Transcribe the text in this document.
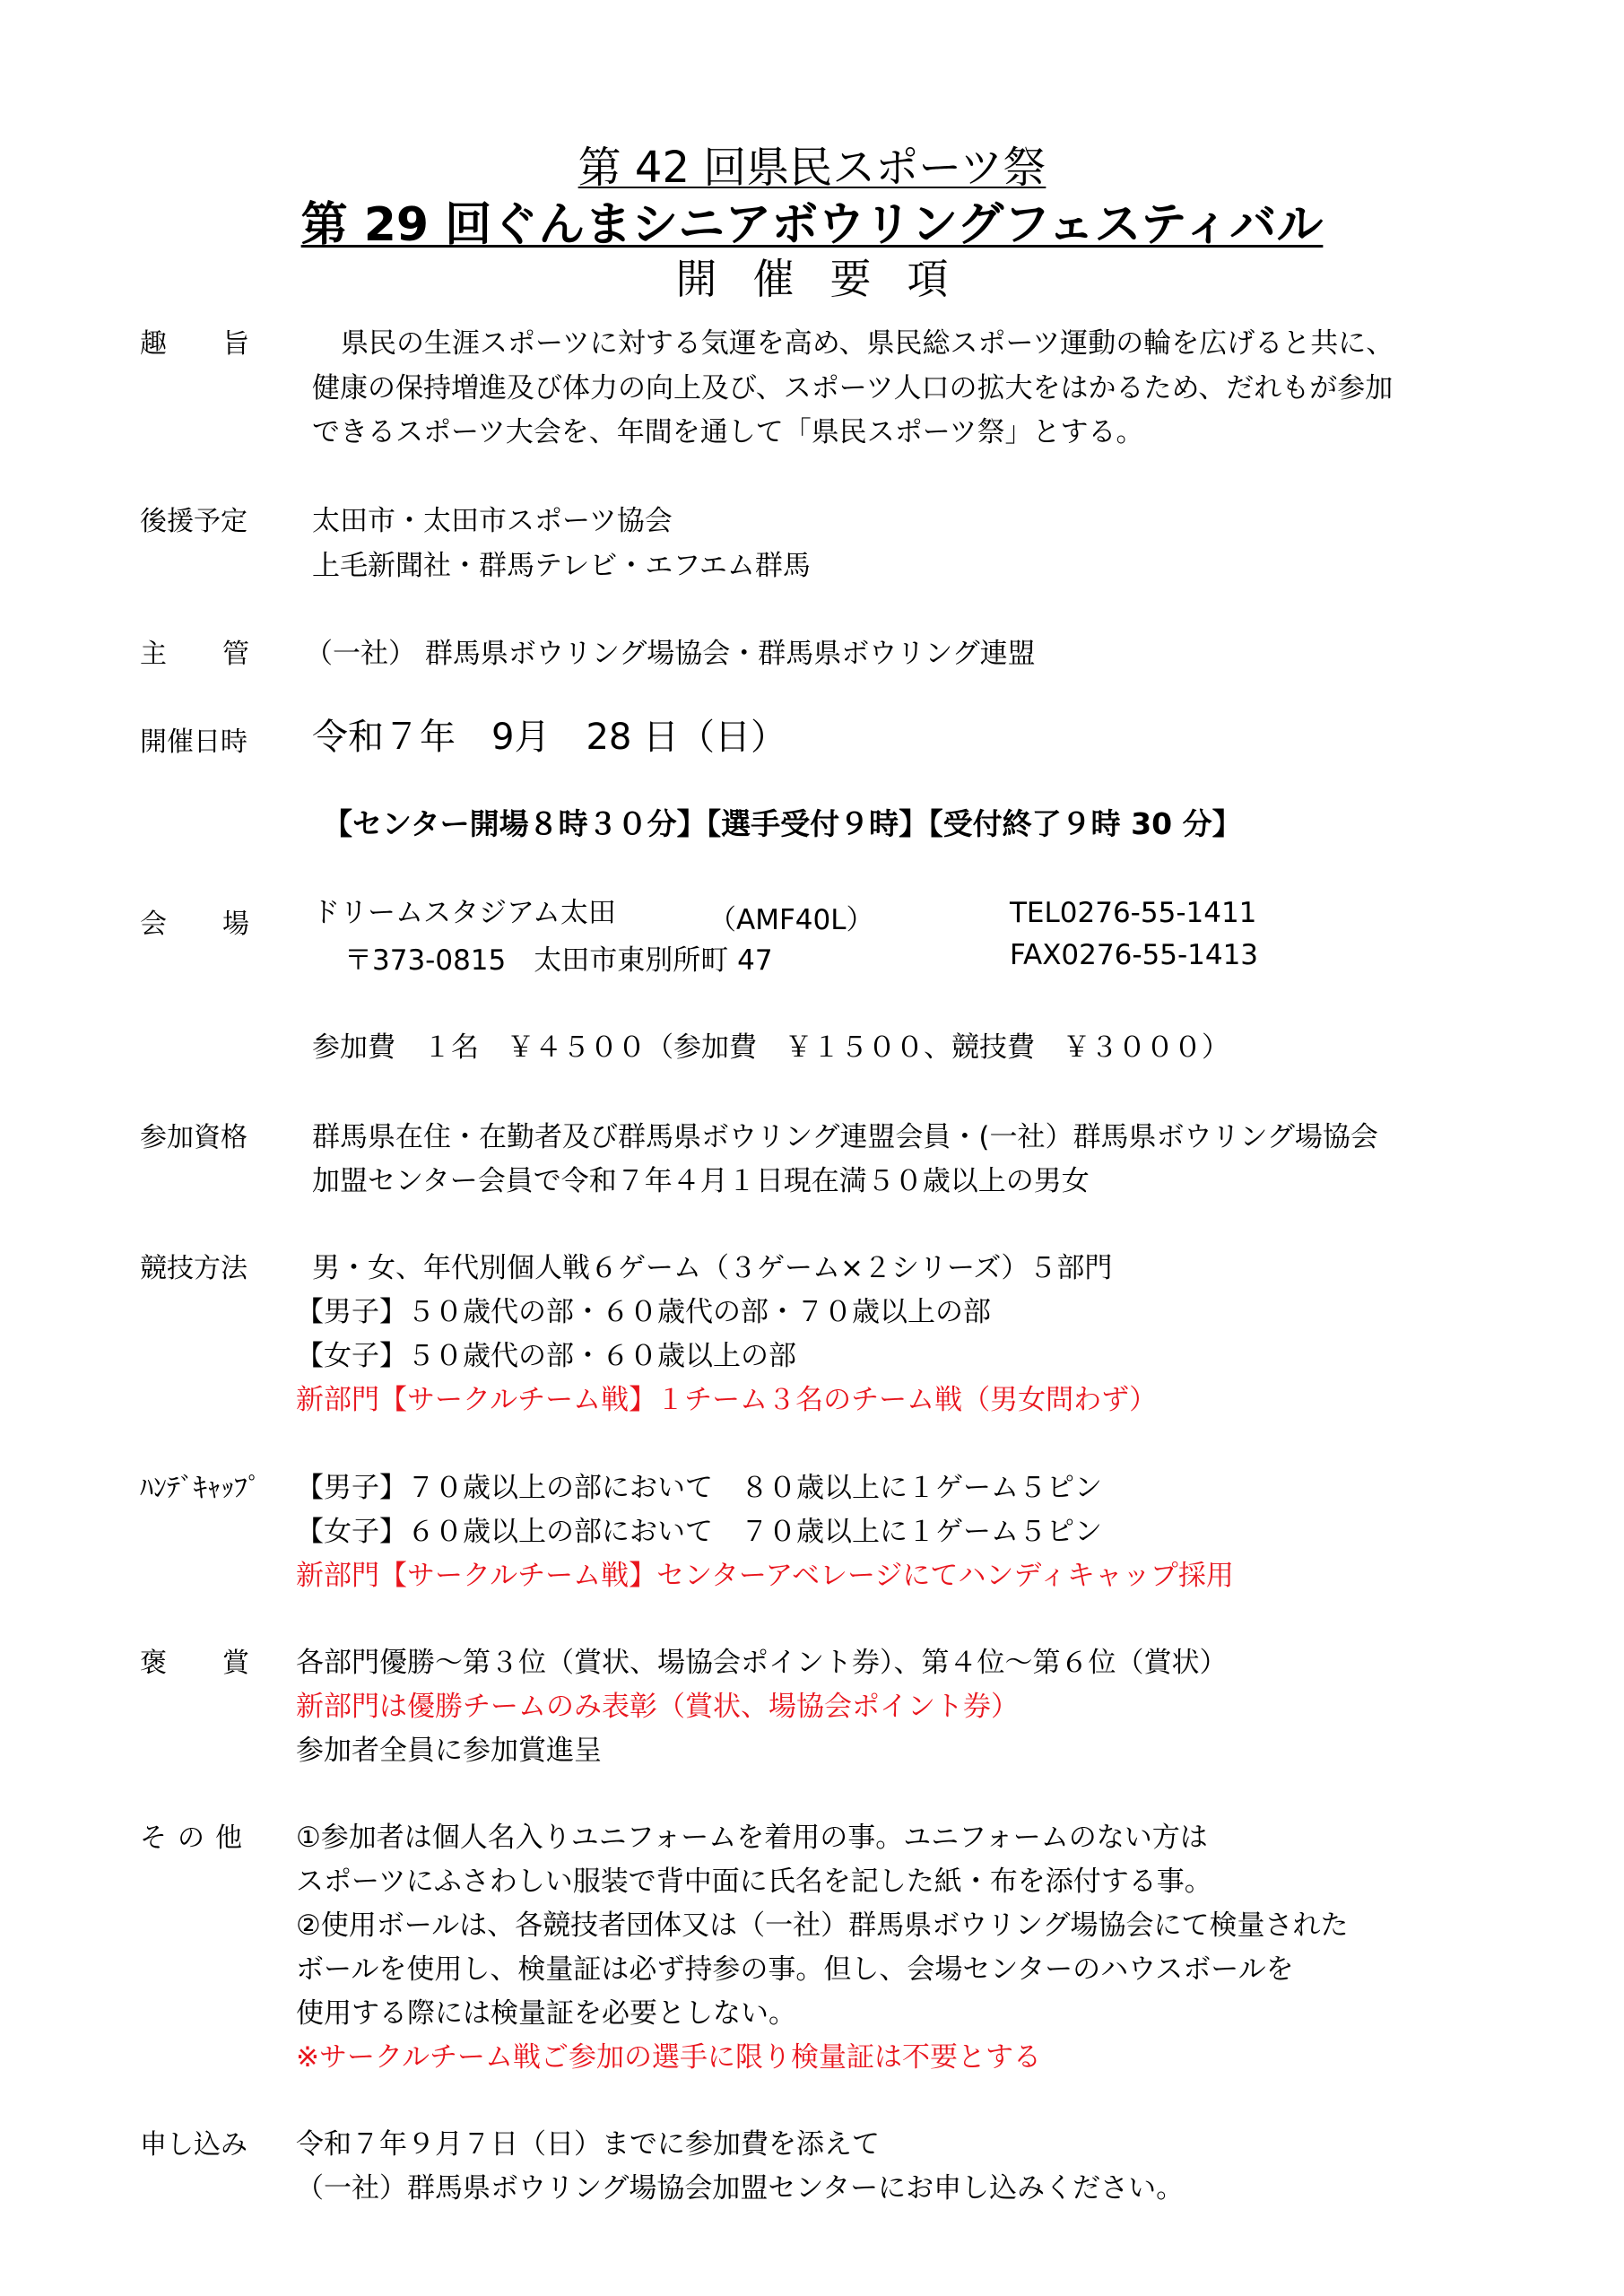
第 42 回県民スポーツ祭
第 29 回ぐんまシニアボウリングフェスティバル
開催要項
趣旨 県民の生涯スポーツに対する気運を高め、県民総スポーツ運動の輪を広げると共に、
健康の保持増進及び体力の向上及び、スポーツ人口の拡大をはかるため、だれもが参加
できるスポーツ大会を、年間を通して「県民スポーツ祭」とする。
後援予定 太田市・太田市スポーツ協会
上毛新聞社・群馬テレビ・エフエム群馬
主管 （一社） 群馬県ボウリング場協会・群馬県ボウリング連盟
開催日時 令和７年　9月　28 日（日）
【センター開場８時３０分】【選手受付９時】【受付終了９時 30 分】
会場 ドリームスタジアム太田	（AMF40L）	TEL0276-55-1411
〒373-0815　太田市東別所町 47	FAX0276-55-1413
参加費　１名　￥４５００（参加費　￥１５００、競技費　￥３０００）
参加資格 群馬県在住・在勤者及び群馬県ボウリング連盟会員・(一社）群馬県ボウリング場協会
加盟センター会員で令和７年４月１日現在満５０歳以上の男女
競技方法 男・女、年代別個人戦６ゲーム（３ゲーム×２シリーズ）５部門
【男子】５０歳代の部・６０歳代の部・７０歳以上の部
【女子】５０歳代の部・６０歳以上の部
新部門【サークルチーム戦】１チーム３名のチーム戦（男女問わず）
ﾊﾝﾃﾞｷｬｯﾌﾟ 【男子】７０歳以上の部において　８０歳以上に１ゲーム５ピン
【女子】６０歳以上の部において　７０歳以上に１ゲーム５ピン
新部門【サークルチーム戦】センターアベレージにてハンディキャップ採用
褒賞
各部門優勝～第３位（賞状、場協会ポイント券）、第４位～第６位（賞状）
新部門は優勝チームのみ表彰（賞状、場協会ポイント券）
参加者全員に参加賞進呈
その他 ①参加者は個人名入りユニフォームを着用の事。ユニフォームのない方は
スポーツにふさわしい服装で背中面に氏名を記した紙・布を添付する事。
②使用ボールは、各競技者団体又は（一社）群馬県ボウリング場協会にて検量された
ボールを使用し、検量証は必ず持参の事。但し、会場センターのハウスボールを
使用する際には検量証を必要としない。
※サークルチーム戦ご参加の選手に限り検量証は不要とする
申し込み 令和７年９月７日（日）までに参加費を添えて
（一社）群馬県ボウリング場協会加盟センターにお申し込みください。
